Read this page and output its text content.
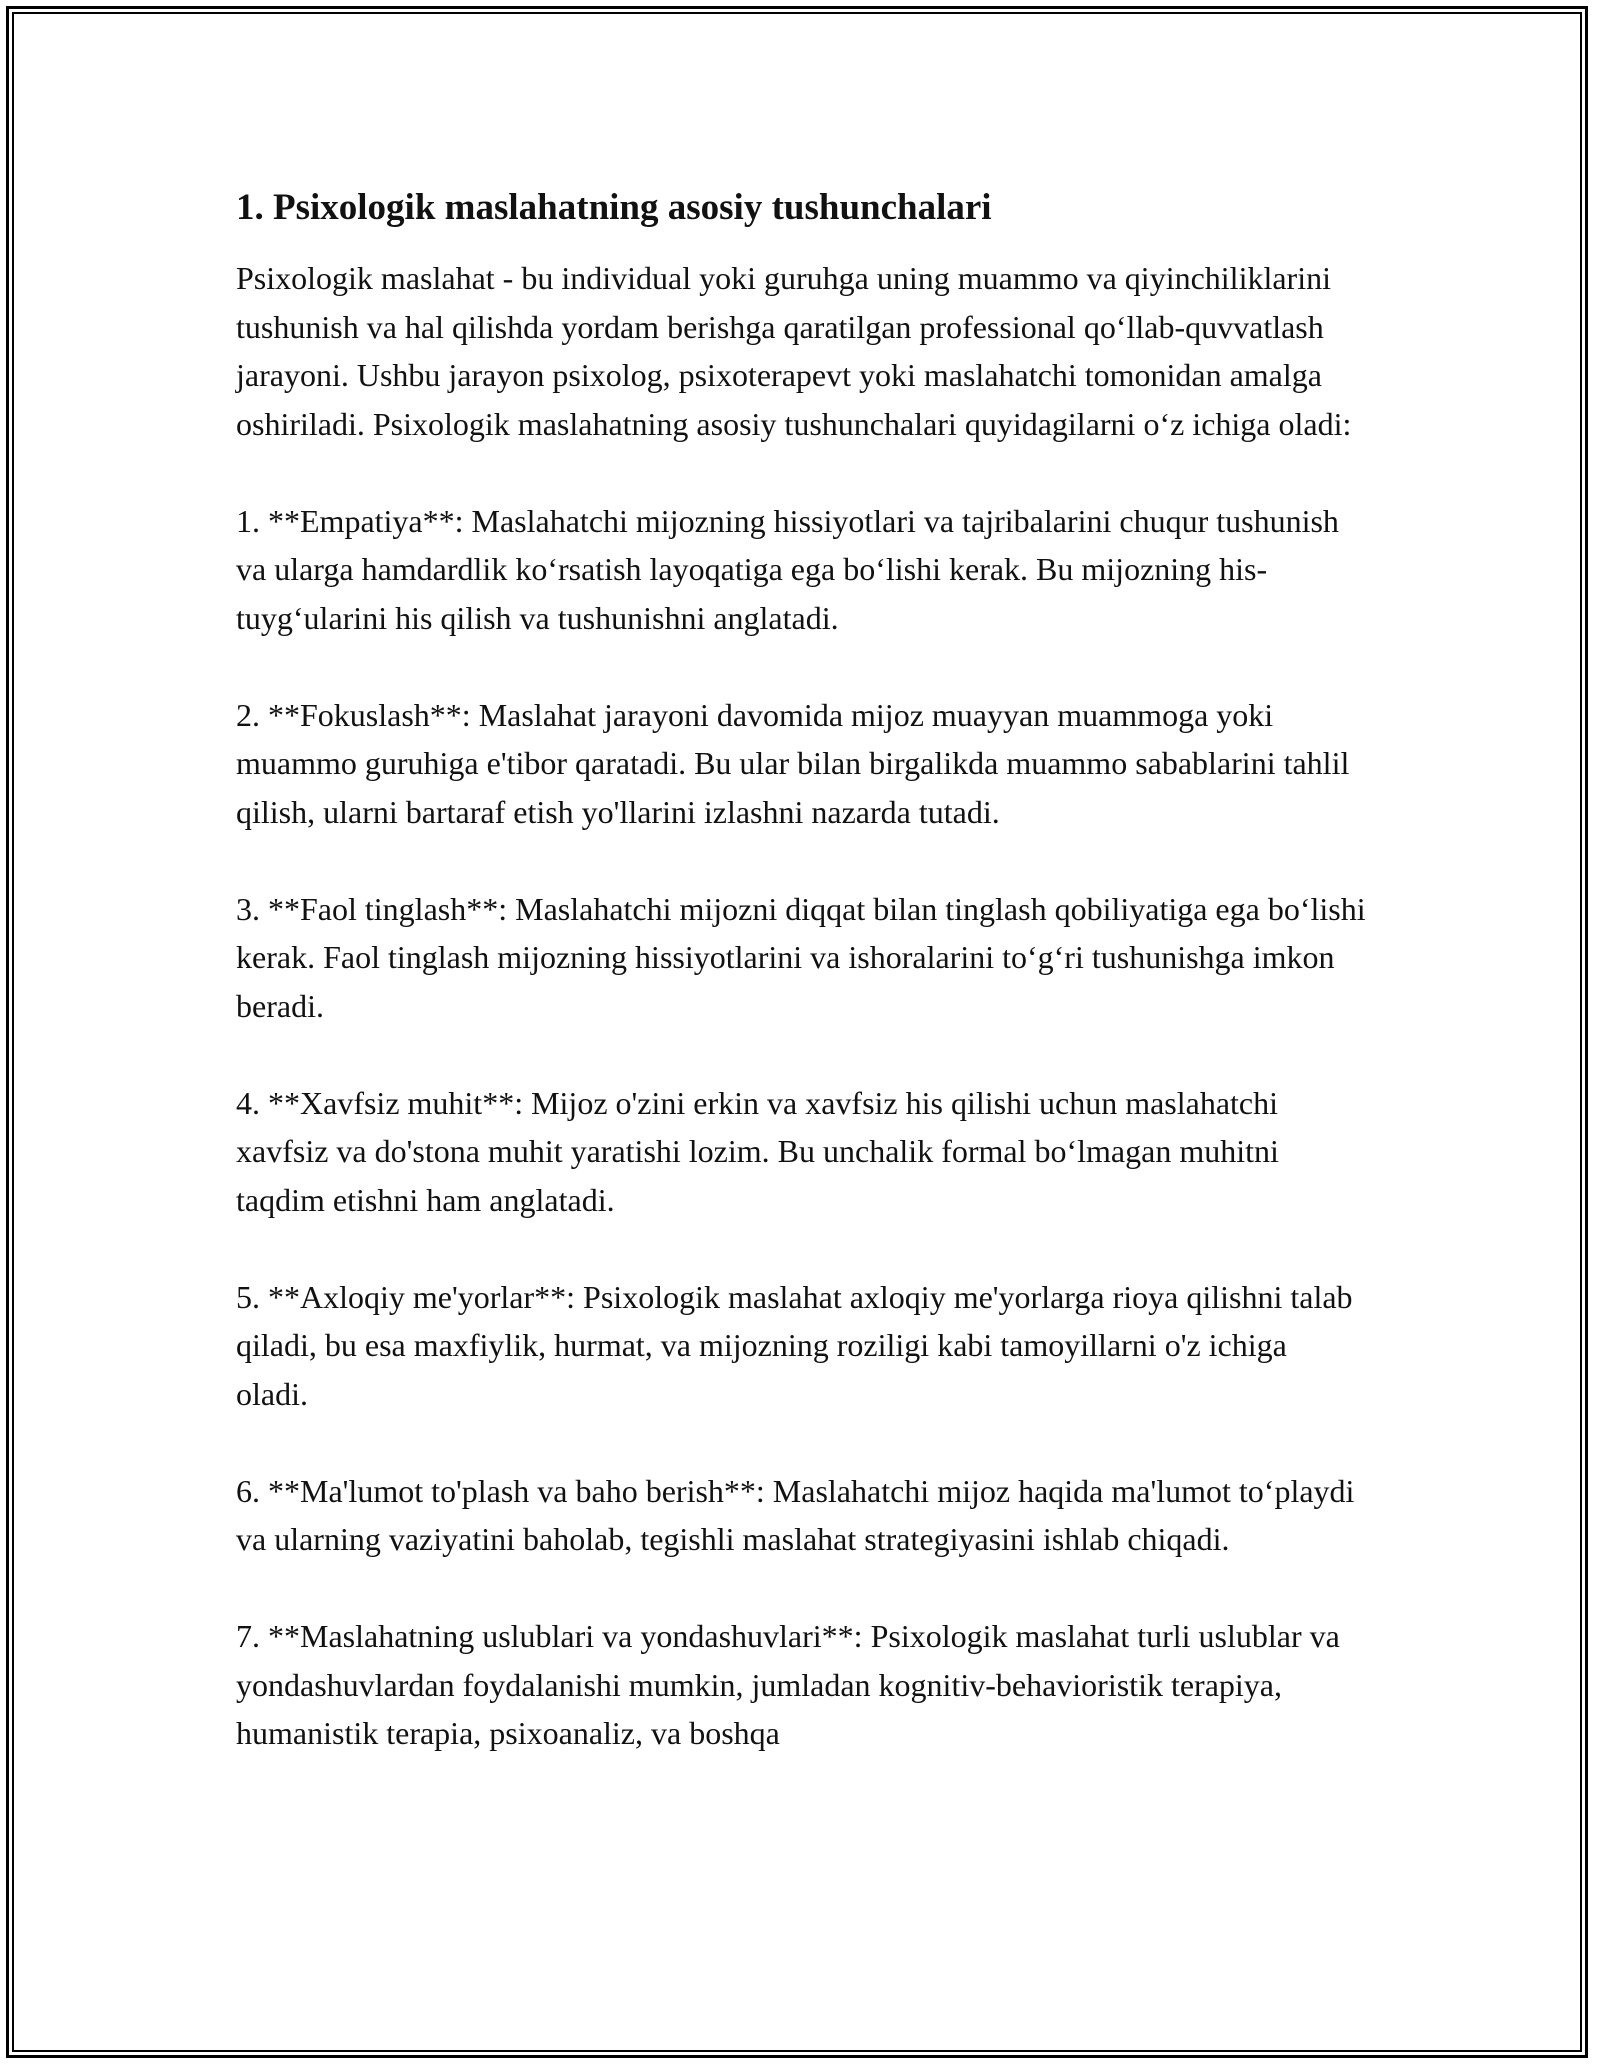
1. Psixologik maslahatning asosiy tushunchalari

Psixologik maslahat - bu individual yoki guruhga uning muammo va qiyinchiliklarini tushunish va hal qilishda yordam berishga qaratilgan professional qo‘llab-quvvatlash jarayoni. Ushbu jarayon psixolog, psixoterapevt yoki maslahatchi tomonidan amalga oshiriladi. Psixologik maslahatning asosiy tushunchalari quyidagilarni o‘z ichiga oladi:

1. **Empatiya**: Maslahatchi mijozning hissiyotlari va tajribalarini chuqur tushunish va ularga hamdardlik ko‘rsatish layoqatiga ega bo‘lishi kerak. Bu mijozning his-tuyg‘ularini his qilish va tushunishni anglatadi.

2. **Fokuslash**: Maslahat jarayoni davomida mijoz muayyan muammoga yoki muammo guruhiga e'tibor qaratadi. Bu ular bilan birgalikda muammo sabablarini tahlil qilish, ularni bartaraf etish yo'llarini izlashni nazarda tutadi.

3. **Faol tinglash**: Maslahatchi mijozni diqqat bilan tinglash qobiliyatiga ega bo‘lishi kerak. Faol tinglash mijozning hissiyotlarini va ishoralarini to‘g‘ri tushunishga imkon beradi.

4. **Xavfsiz muhit**: Mijoz o'zini erkin va xavfsiz his qilishi uchun maslahatchi xavfsiz va do'stona muhit yaratishi lozim. Bu unchalik formal bo‘lmagan muhitni taqdim etishni ham anglatadi.

5. **Axloqiy me'yorlar**: Psixologik maslahat axloqiy me'yorlarga rioya qilishni talab qiladi, bu esa maxfiylik, hurmat, va mijozning roziligi kabi tamoyillarni o'z ichiga oladi.

6. **Ma'lumot to'plash va baho berish**: Maslahatchi mijoz haqida ma'lumot to‘playdi va ularning vaziyatini baholab, tegishli maslahat strategiyasini ishlab chiqadi.

7. **Maslahatning uslublari va yondashuvlari**: Psixologik maslahat turli uslublar va yondashuvlardan foydalanishi mumkin, jumladan kognitiv-behavioristik terapiya, humanistik terapia, psixoanaliz, va boshqa
